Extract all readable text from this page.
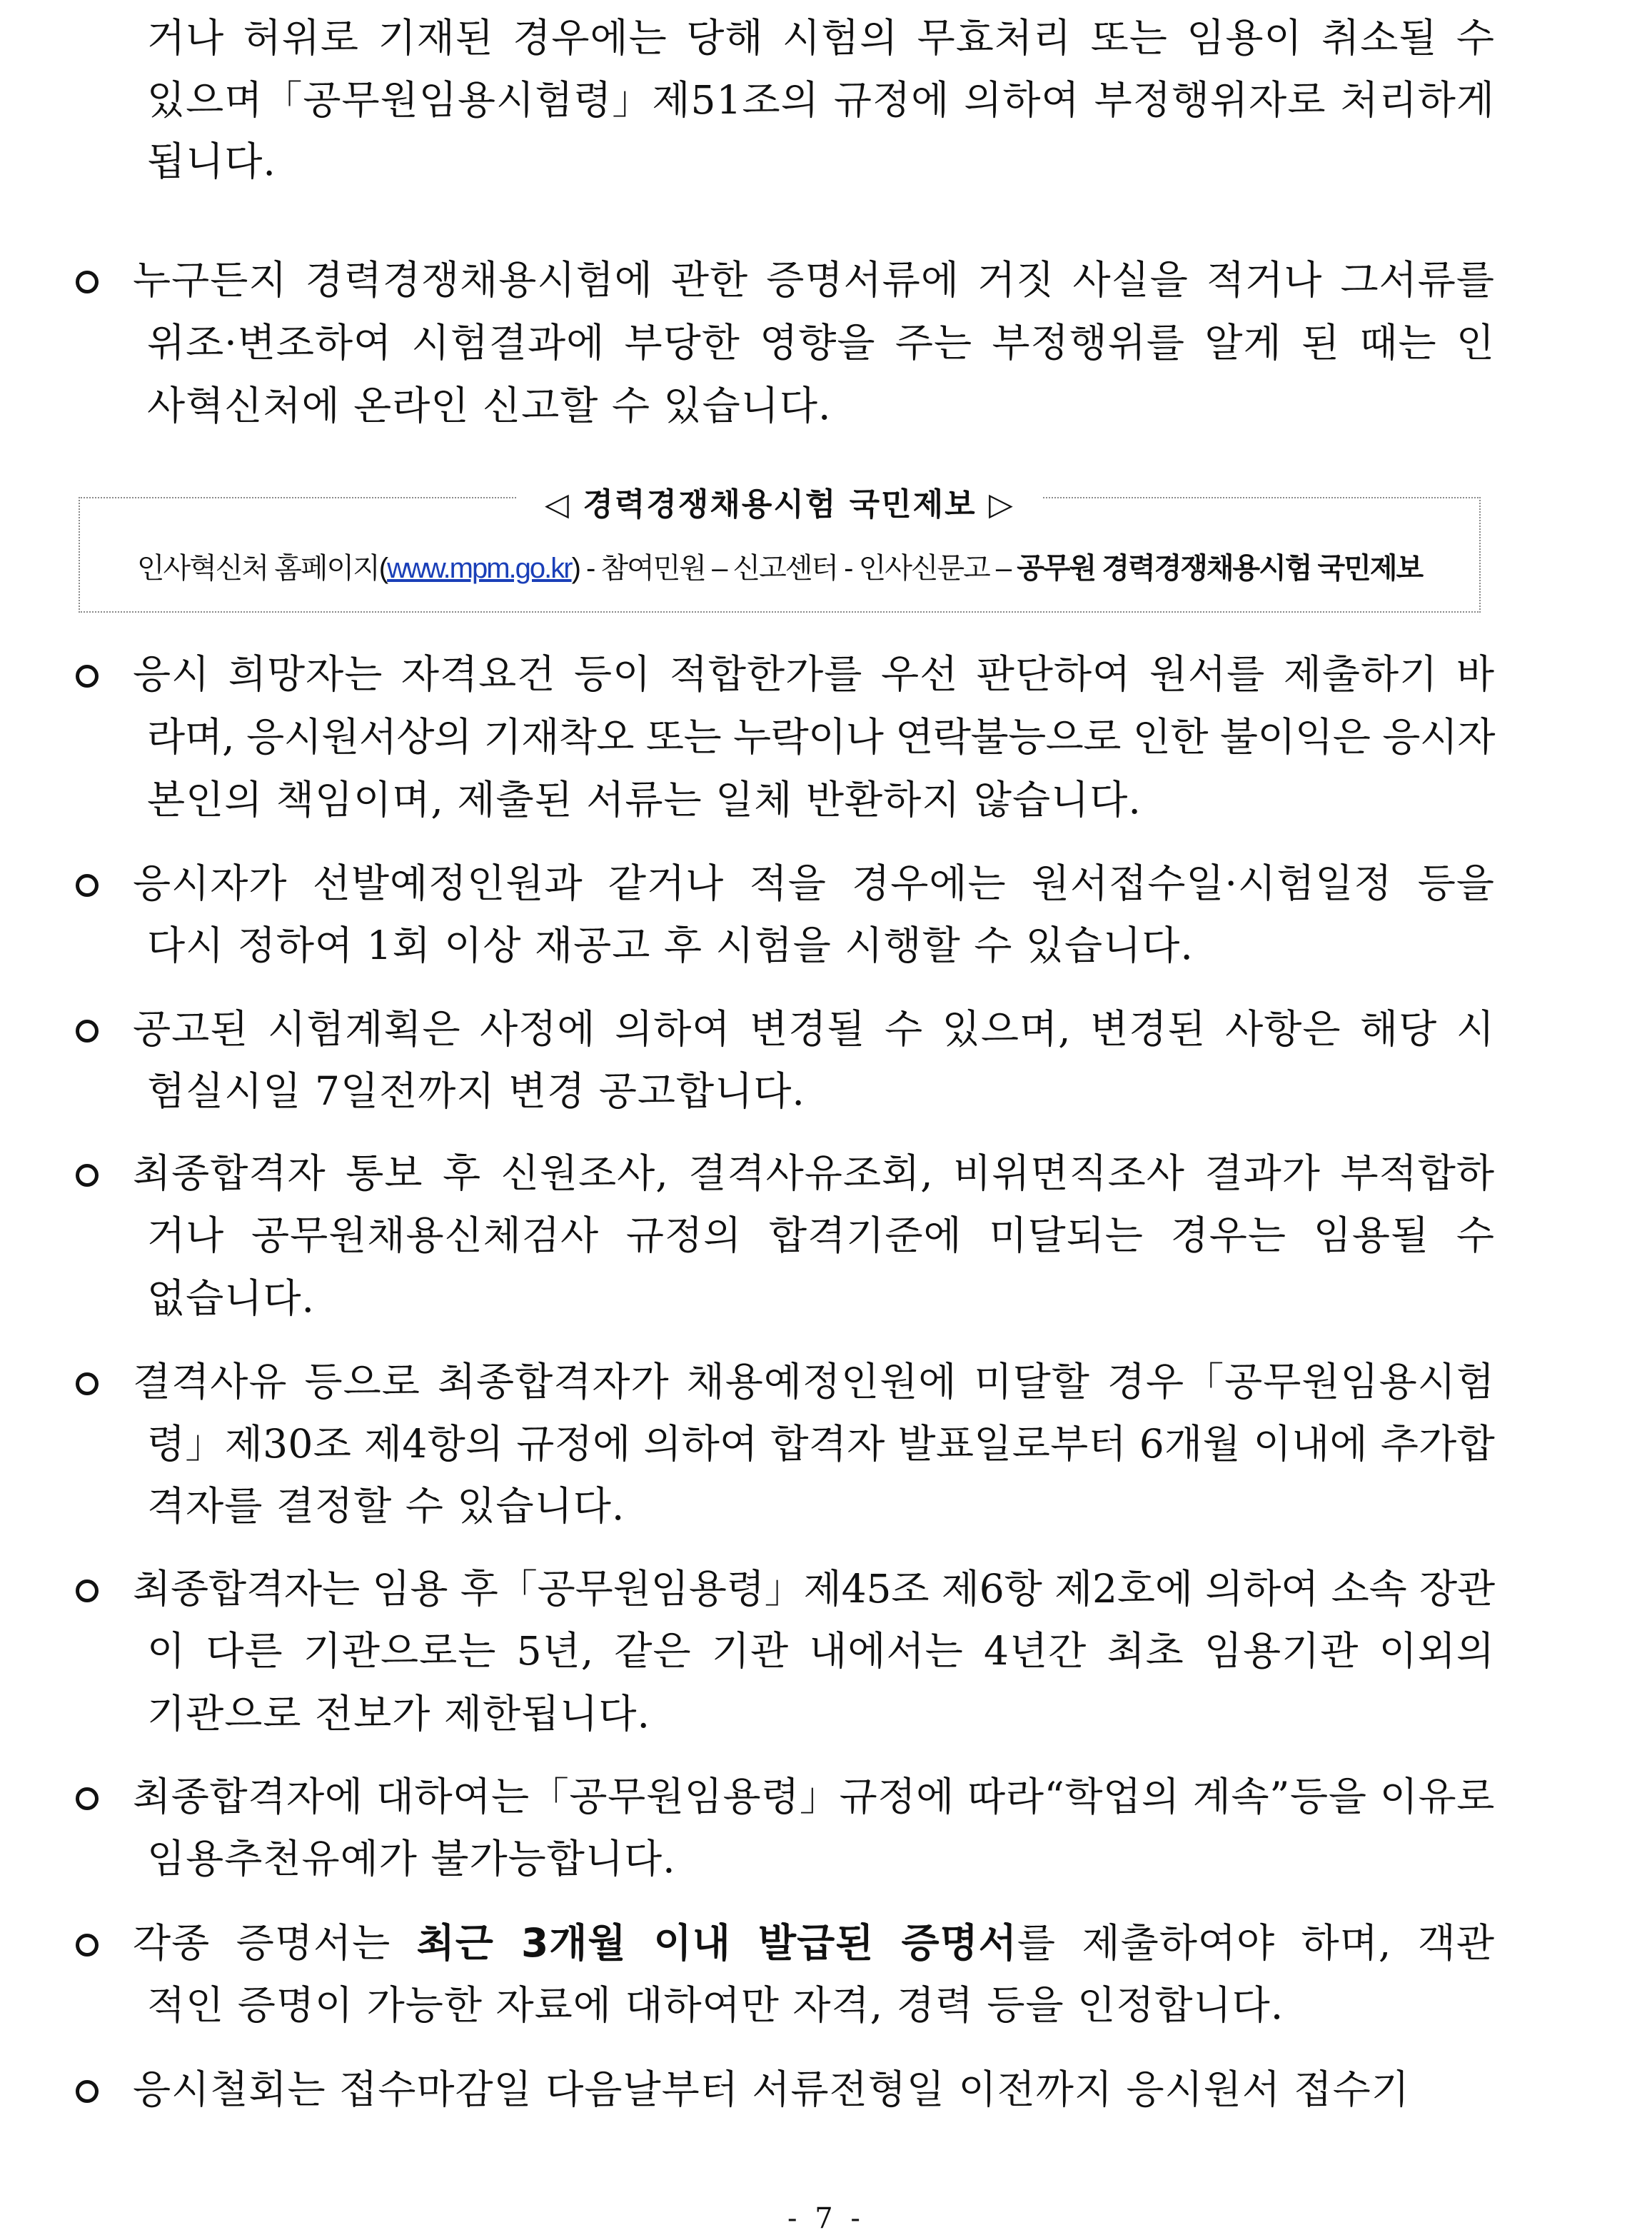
◁ 경력경쟁채용시험 국민제보 ▷
인사혁신처 홈페이지(www.mpm.go.kr) - 참여민원 – 신고센터 - 인사신문고 – 공무원 경력경쟁채용시험 국민제보
- 7 -
거나 허위로 기재된 경우에는 당해 시험의 무효처리 또는 임용이 취소될 수
있으며「공무원임용시험령」제51조의 규정에 의하여 부정행위자로 처리하게
됩니다.
누구든지 경력경쟁채용시험에 관한 증명서류에 거짓 사실을 적거나 그서류를
위조·변조하여 시험결과에 부당한 영향을 주는 부정행위를 알게 된 때는 인
사혁신처에 온라인 신고할 수 있습니다.
응시 희망자는 자격요건 등이 적합한가를 우선 판단하여 원서를 제출하기 바
라며, 응시원서상의 기재착오 또는 누락이나 연락불능으로 인한 불이익은 응시자
본인의 책임이며, 제출된 서류는 일체 반환하지 않습니다.
응시자가 선발예정인원과 같거나 적을 경우에는 원서접수일·시험일정 등을
다시 정하여 1회 이상 재공고 후 시험을 시행할 수 있습니다.
공고된 시험계획은 사정에 의하여 변경될 수 있으며, 변경된 사항은 해당 시
험실시일 7일전까지 변경 공고합니다.
최종합격자 통보 후 신원조사, 결격사유조회, 비위면직조사 결과가 부적합하
거나 공무원채용신체검사 규정의 합격기준에 미달되는 경우는 임용될 수
없습니다.
결격사유 등으로 최종합격자가 채용예정인원에 미달할 경우「공무원임용시험
령」제30조 제4항의 규정에 의하여 합격자 발표일로부터 6개월 이내에 추가합
격자를 결정할 수 있습니다.
최종합격자는 임용 후「공무원임용령」제45조 제6항 제2호에 의하여 소속 장관
이 다른 기관으로는 5년, 같은 기관 내에서는 4년간 최초 임용기관 이외의
기관으로 전보가 제한됩니다.
최종합격자에 대하여는「공무원임용령」규정에 따라“학업의 계속”등을 이유로
임용추천유예가 불가능합니다.
각종 증명서는 최근 3개월 이내 발급된 증명서를 제출하여야 하며, 객관
적인 증명이 가능한 자료에 대하여만 자격, 경력 등을 인정합니다.
응시철회는 접수마감일 다음날부터 서류전형일 이전까지 응시원서 접수기
